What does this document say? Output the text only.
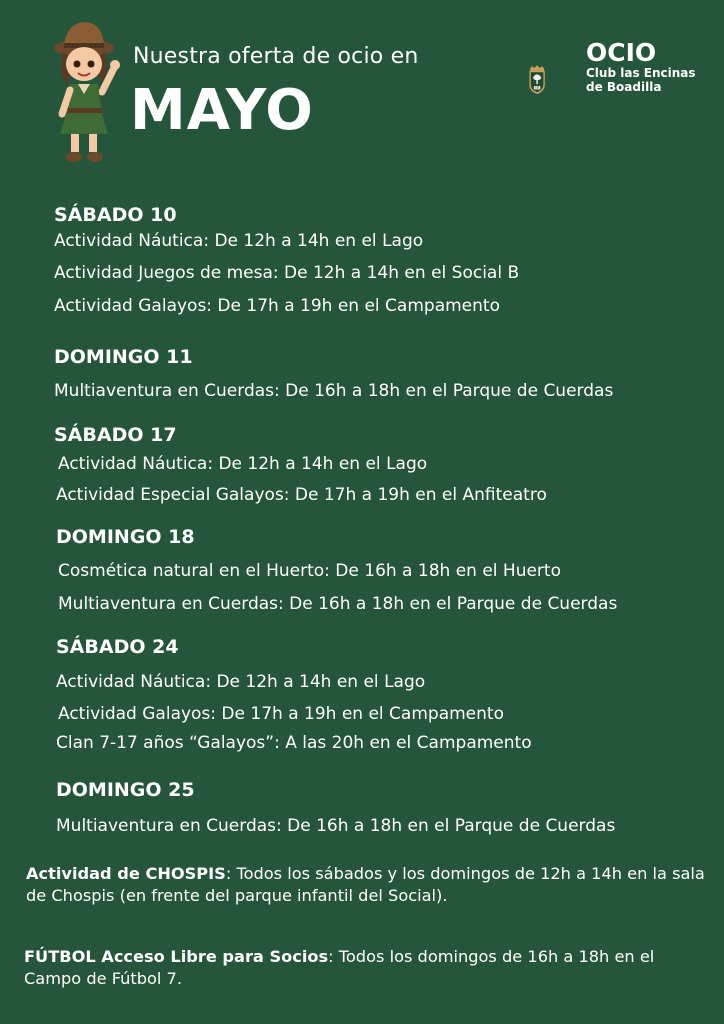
Nuestra oferta de ocio en
MAYO	CB
OCIO
Club las Encinas
de Boadilla
SÁBADO 10
Actividad Náutica: De 12h a 14h en el Lago
Actividad Juegos de mesa: De 12h a 14h en el Social B
Actividad Galayos: De 17h a 19h en el Campamento
DOMINGO 11
Multiaventura en Cuerdas: De 16h a 18h en el Parque de Cuerdas
SÁBADO 17
Actividad Náutica: De 12h a 14h en el Lago
Actividad Especial Galayos: De 17h a 19h en el Anfiteatro
DOMINGO 18
Cosmética natural en el Huerto: De 16h a 18h en el Huerto
Multiaventura en Cuerdas: De 16h a 18h en el Parque de Cuerdas
SÁBADO 24
Actividad Náutica: De 12h a 14h en el Lago
Actividad Galayos: De 17h a 19h en el Campamento
Clan 7-17 años “Galayos”: A las 20h en el Campamento
DOMINGO 25
Multiaventura en Cuerdas: De 16h a 18h en el Parque de Cuerdas
Actividad de CHOSPIS: Todos los sábados y los domingos de 12h a 14h en la sala de Chospis (en frente del parque infantil del Social).
FÚTBOL Acceso Libre para Socios: Todos los domingos de 16h a 18h en el Campo de Fútbol 7.
